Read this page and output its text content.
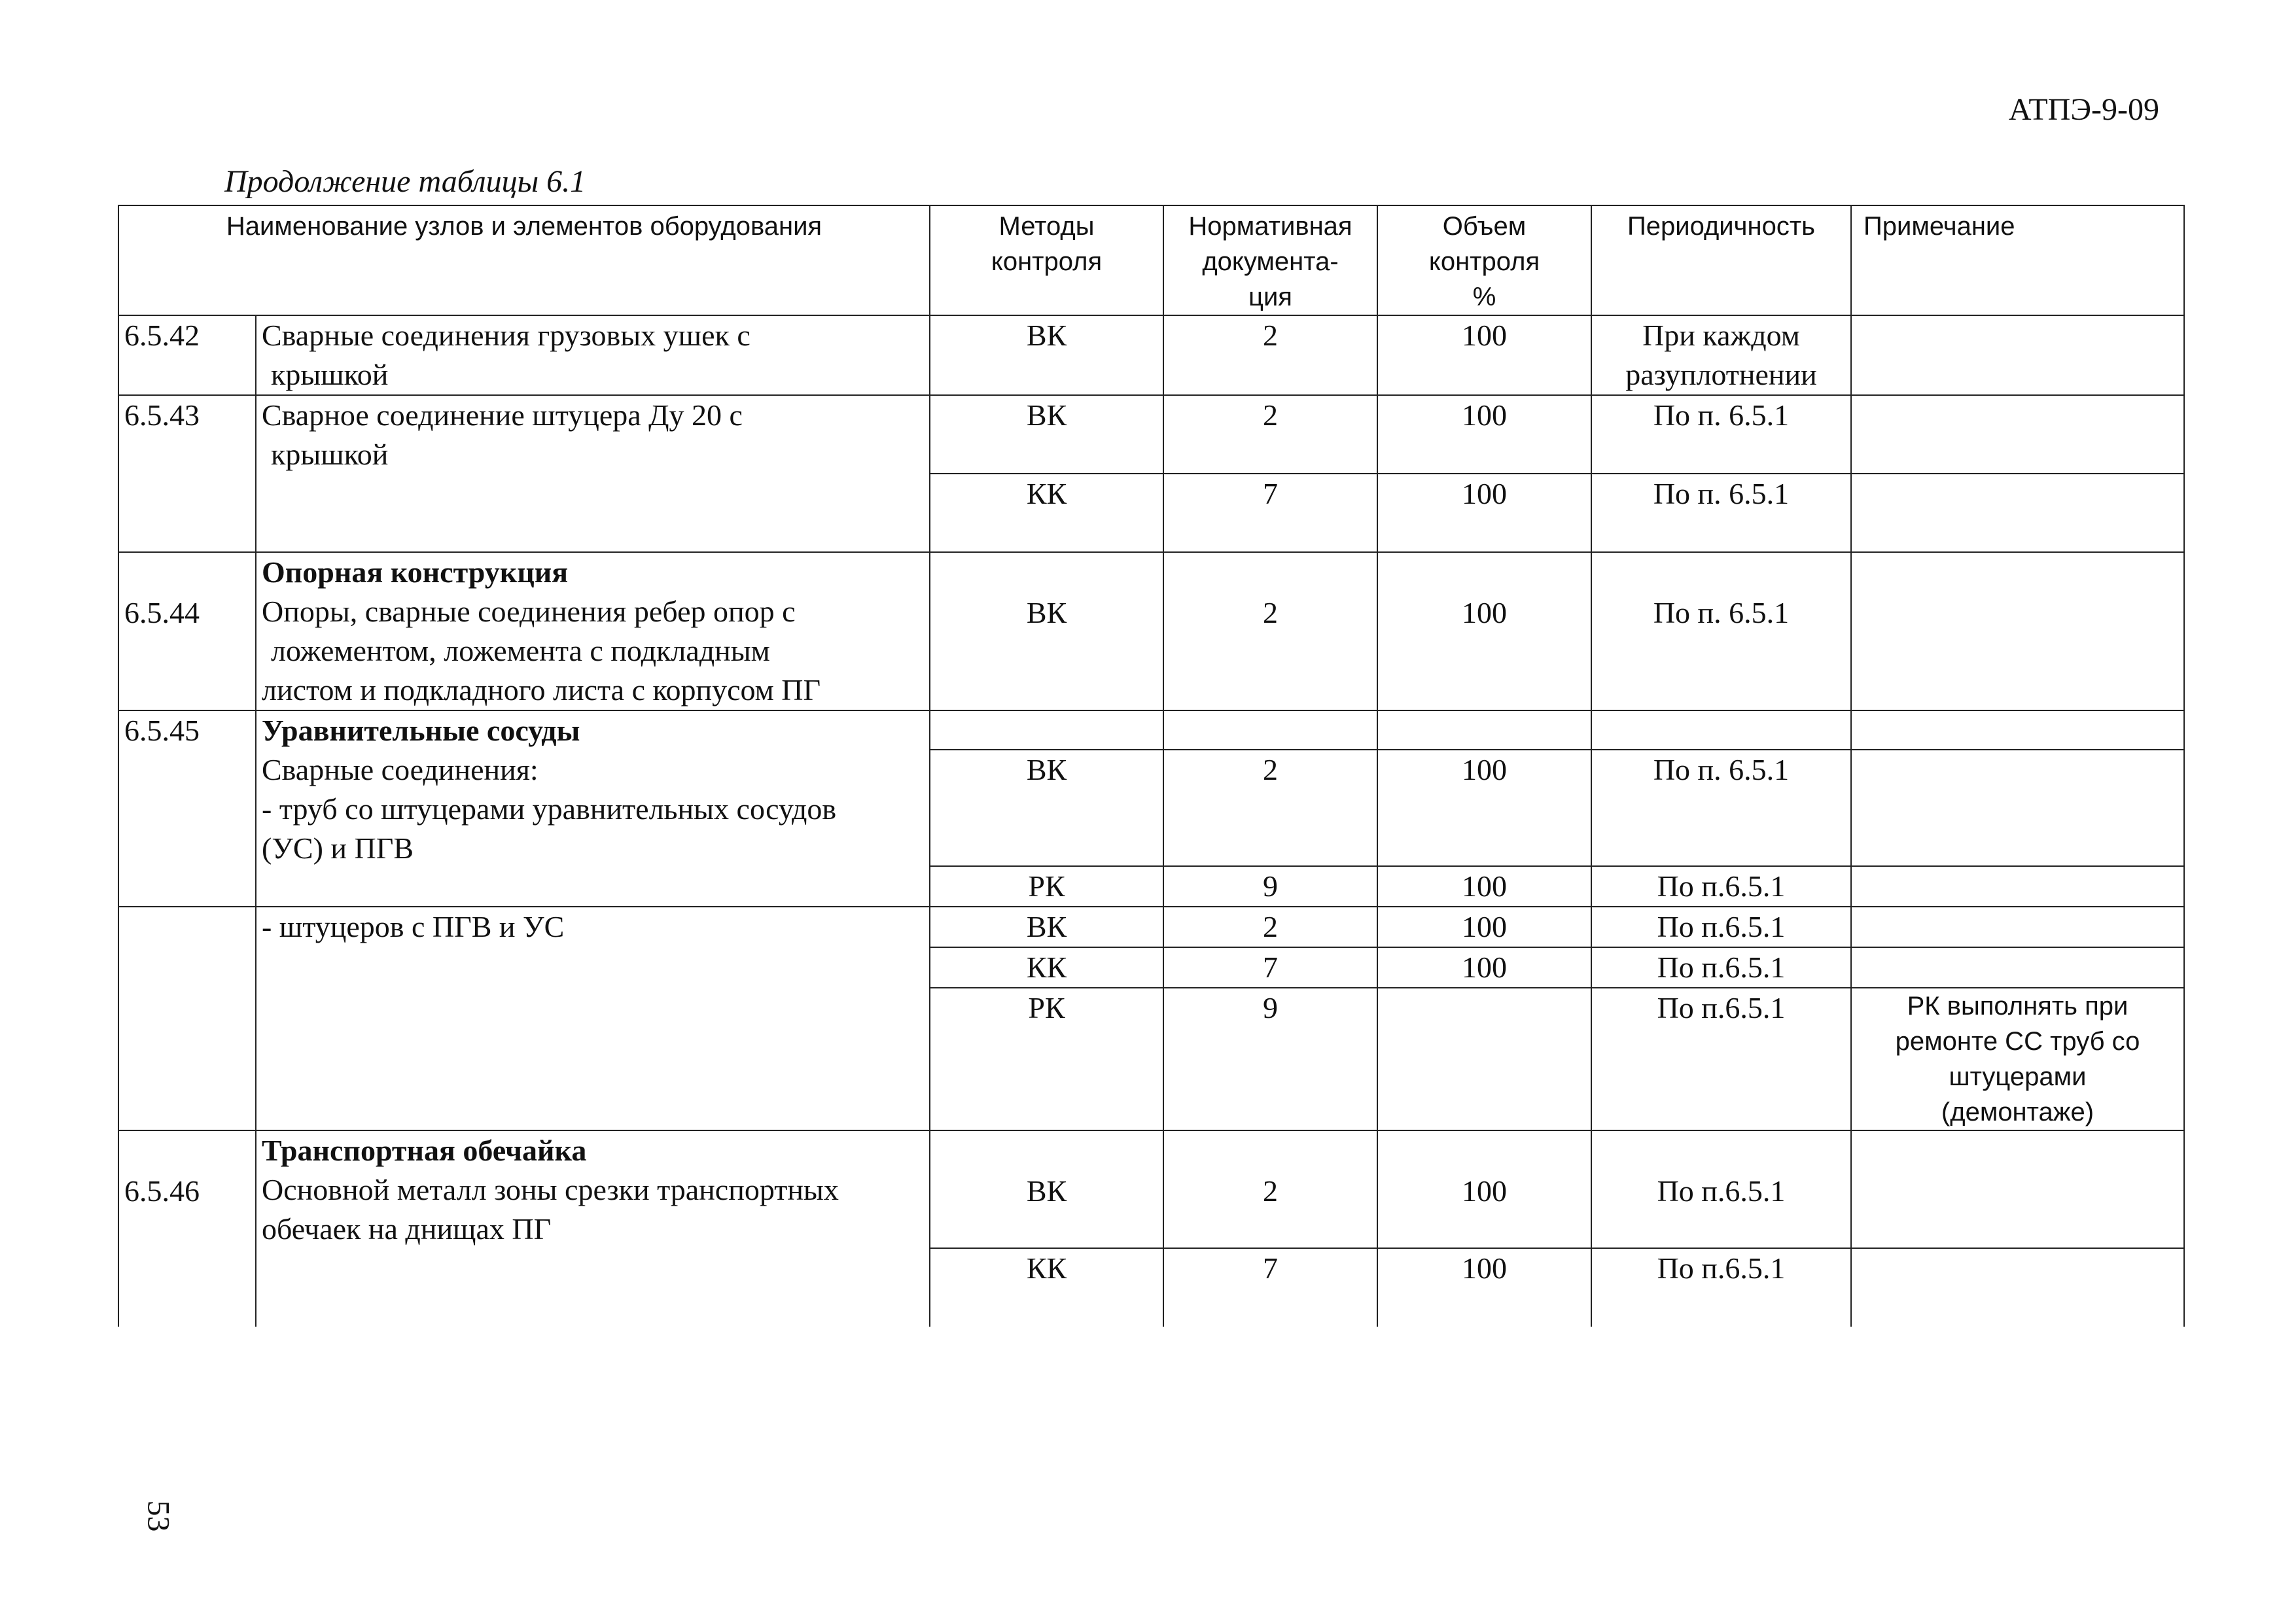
АТПЭ-9-09
Продолжение таблицы 6.1
Наименование узлов и элементов оборудования		Методы
контроля	Нормативная
документа-
ция	Объем
контроля
%	Периодичность	Примечание
6.5.42	Сварные соединения грузовых ушек с
крышкой	ВК	2	100	При каждом
разуплотнении	

6.5.43	Сварное соединение штуцера Ду 20 с
крышкой	ВК	2	100	По п. 6.5.1	
		КК	7	100	По п. 6.5.1	
6.5.44	Опорная конструкция
Опоры, сварные соединения ребер опор с
ложементом, ложемента с подкладным
листом и подкладного листа с корпусом ПГ	ВК	2	100	По п. 6.5.1	
6.5.45	Уравнительные сосуды
Сварные соединения:
- труб со штуцерами уравнительных сосудов
(УС) и ПГВ					

		ВК	2	100	По п. 6.5.1	
		РК	9	100	По п.6.5.1	
	- штуцеров с ПГВ и УС	ВК	2	100	По п.6.5.1	
		КК	7	100	По п.6.5.1	
		РК	9		По п.6.5.1	РК выполнять при
ремонте СС труб со
штуцерами
(демонтаже)

6.5.46	Транспортная обечайка
Основной металл зоны срезки транспортных
обечаек на днищах ПГ	ВК	2	100	По п.6.5.1	
		КК	7	100	По п.6.5.1	
53
